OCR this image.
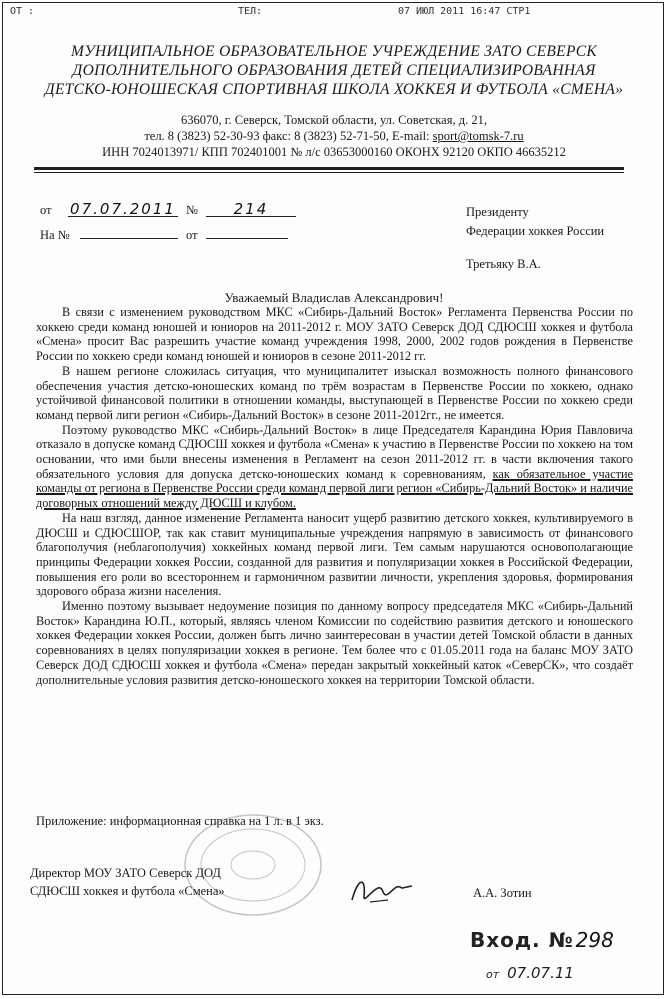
ОТ :	ТЕЛ:	07 ИЮЛ 2011 16:47 СТР1
МУНИЦИПАЛЬНОЕ ОБРАЗОВАТЕЛЬНОЕ УЧРЕЖДЕНИЕ ЗАТО СЕВЕРСК
ДОПОЛНИТЕЛЬНОГО ОБРАЗОВАНИЯ ДЕТЕЙ СПЕЦИАЛИЗИРОВАННАЯ
ДЕТСКО-ЮНОШЕСКАЯ СПОРТИВНАЯ ШКОЛА ХОККЕЯ И ФУТБОЛА «СМЕНА»
636070, г. Северск, Томской области, ул. Советская, д. 21,
тел. 8 (3823) 52-30-93 факс: 8 (3823) 52-71-50, E-mail: sport@tomsk-7.ru
ИНН 7024013971/ КПП 702401001 № л/с 03653000160 ОКОНХ 92120 ОКПО 46635212
от	07.07.2011 №	214
На №	от
Президенту
Федерации хоккея России
Третьяку В.А.
Уважаемый Владислав Александрович!

В связи с изменением руководством МКС «Сибирь-Дальний Восток» Регламента Первенства России по хоккею среди команд юношей и юниоров на 2011-2012 г. МОУ ЗАТО Северск ДОД СДЮСШ хоккея и футбола «Смена» просит Вас разрешить участие команд учреждения 1998, 2000, 2002 годов рождения в Первенстве России по хоккею среди команд юношей и юниоров в сезоне 2011-2012 гг.

В нашем регионе сложилась ситуация, что муниципалитет изыскал возможность полного финансового обеспечения участия детско-юношеских команд по трём возрастам в Первенстве России по хоккею, однако устойчивой финансовой политики в отношении команды, выступающей в Первенстве России по хоккею среди команд первой лиги регион «Сибирь-Дальний Восток» в сезоне 2011-2012гг., не имеется.

Поэтому руководство МКС «Сибирь-Дальний Восток» в лице Председателя Карандина Юрия Павловича отказало в допуске команд СДЮСШ хоккея и футбола «Смена» к участию в Первенстве России по хоккею на том основании, что ими были внесены изменения в Регламент на сезон 2011-2012 гг. в части включения такого обязательного условия для допуска детско-юношеских команд к соревнованиям, как обязательное участие команды от региона в Первенстве России среди команд первой лиги регион «Сибирь-Дальний Восток» и наличие договорных отношений между ДЮСШ и клубом.

На наш взгляд, данное изменение Регламента наносит ущерб развитию детского хоккея, культивируемого в ДЮСШ и СДЮСШОР, так как ставит муниципальные учреждения напрямую в зависимость от финансового благополучия (неблагополучия) хоккейных команд первой лиги. Тем самым нарушаются основополагающие принципы Федерации хоккея России, созданной для развития и популяризации хоккея в Российской Федерации, повышения его роли во всестороннем и гармоничном развитии личности, укрепления здоровья, формирования здорового образа жизни населения.

Именно поэтому вызывает недоумение позиция по данному вопросу председателя МКС «Сибирь-Дальний Восток» Карандина Ю.П., который, являясь членом Комиссии по содействию развития детского и юношеского хоккея Федерации хоккея России, должен быть лично заинтересован в участии детей Томской области в данных соревнованиях в целях популяризации хоккея в регионе. Тем более что с 01.05.2011 года на баланс МОУ ЗАТО Северск ДОД СДЮСШ хоккея и футбола «Смена» передан закрытый хоккейный каток «СеверСК», что создаёт дополнительные условия развития детско-юношеского хоккея на территории Томской области.

Приложение: информационная справка на 1 л. в 1 экз.
Директор МОУ ЗАТО Северск ДОД
СДЮСШ хоккея и футбола «Смена»	А.А. Зотин
Вход. № 298
от 07.07.11
